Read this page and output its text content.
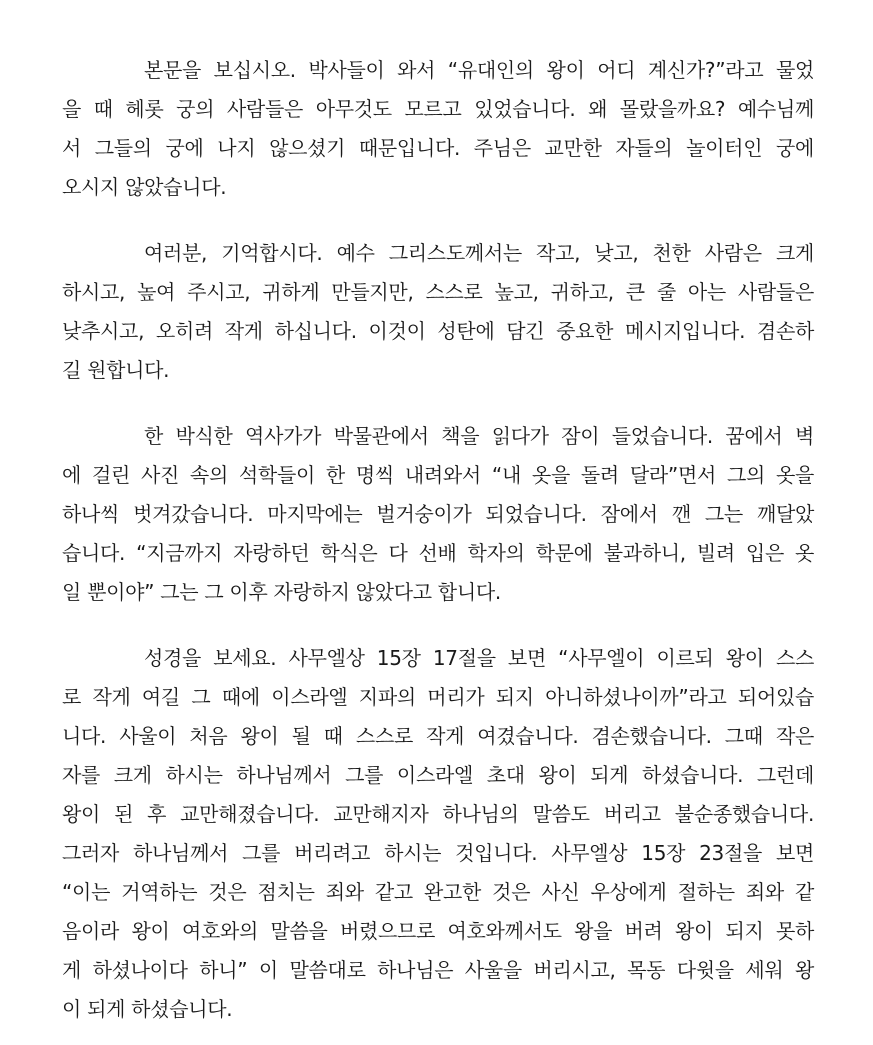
본문을 보십시오. 박사들이 와서 “유대인의 왕이 어디 계신가?”라고 물었
을 때 헤롯 궁의 사람들은 아무것도 모르고 있었습니다. 왜 몰랐을까요? 예수님께
서 그들의 궁에 나지 않으셨기 때문입니다. 주님은 교만한 자들의 놀이터인 궁에
오시지 않았습니다.
여러분, 기억합시다. 예수 그리스도께서는 작고, 낮고, 천한 사람은 크게
하시고, 높여 주시고, 귀하게 만들지만, 스스로 높고, 귀하고, 큰 줄 아는 사람들은
낮추시고, 오히려 작게 하십니다. 이것이 성탄에 담긴 중요한 메시지입니다. 겸손하
길 원합니다.
한 박식한 역사가가 박물관에서 책을 읽다가 잠이 들었습니다. 꿈에서 벽
에 걸린 사진 속의 석학들이 한 명씩 내려와서 “내 옷을 돌려 달라”면서 그의 옷을
하나씩 벗겨갔습니다. 마지막에는 벌거숭이가 되었습니다. 잠에서 깬 그는 깨달았
습니다. “지금까지 자랑하던 학식은 다 선배 학자의 학문에 불과하니, 빌려 입은 옷
일 뿐이야” 그는 그 이후 자랑하지 않았다고 합니다.
성경을 보세요. 사무엘상 15장 17절을 보면 “사무엘이 이르되 왕이 스스
로 작게 여길 그 때에 이스라엘 지파의 머리가 되지 아니하셨나이까”라고 되어있습
니다. 사울이 처음 왕이 될 때 스스로 작게 여겼습니다. 겸손했습니다. 그때 작은
자를 크게 하시는 하나님께서 그를 이스라엘 초대 왕이 되게 하셨습니다. 그런데
왕이 된 후 교만해졌습니다. 교만해지자 하나님의 말씀도 버리고 불순종했습니다.
그러자 하나님께서 그를 버리려고 하시는 것입니다. 사무엘상 15장 23절을 보면
“이는 거역하는 것은 점치는 죄와 같고 완고한 것은 사신 우상에게 절하는 죄와 같
음이라 왕이 여호와의 말씀을 버렸으므로 여호와께서도 왕을 버려 왕이 되지 못하
게 하셨나이다 하니” 이 말씀대로 하나님은 사울을 버리시고, 목동 다윗을 세워 왕
이 되게 하셨습니다.
